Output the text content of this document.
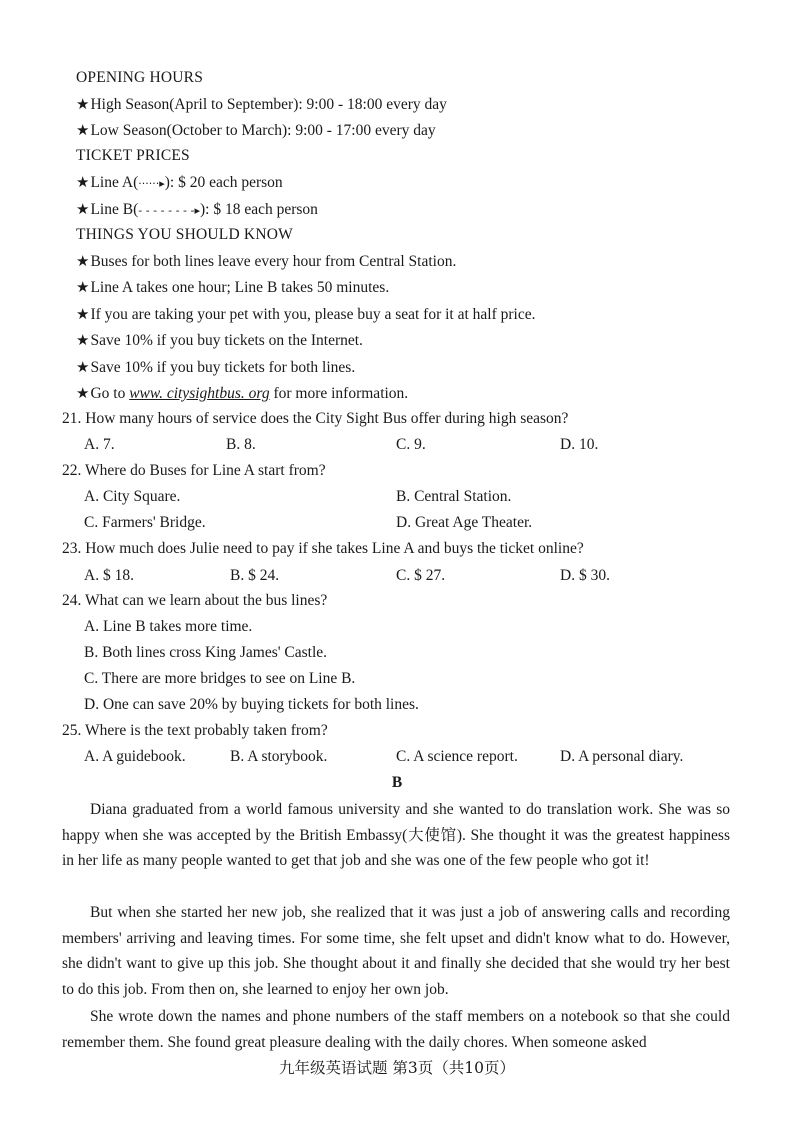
OPENING HOURS
★High Season(April to September): 9:00 - 18:00 every day
★Low Season(October to March): 9:00 - 17:00 every day
TICKET PRICES
★Line A(······▸): $ 20 each person
★Line B(- - - - - - - -▸): $ 18 each person
THINGS YOU SHOULD KNOW
★Buses for both lines leave every hour from Central Station.
★Line A takes one hour; Line B takes 50 minutes.
★If you are taking your pet with you, please buy a seat for it at half price.
★Save 10% if you buy tickets on the Internet.
★Save 10% if you buy tickets for both lines.
★Go to www. citysightbus. org for more information.
21. How many hours of service does the City Sight Bus offer during high season?
A. 7.	B. 8.	C. 9.	D. 10.
22. Where do Buses for Line A start from?
A. City Square.	B. Central Station.
C. Farmers' Bridge.	D. Great Age Theater.
23. How much does Julie need to pay if she takes Line A and buys the ticket online?
A. $ 18.	B. $ 24.	C. $ 27.	D. $ 30.
24. What can we learn about the bus lines?
A. Line B takes more time.
B. Both lines cross King James' Castle.
C. There are more bridges to see on Line B.
D. One can save 20% by buying tickets for both lines.
25. Where is the text probably taken from?
A. A guidebook.	B. A storybook.	C. A science report.	D. A personal diary.
B
Diana graduated from a world famous university and she wanted to do translation work. She was so happy when she was accepted by the British Embassy(大使馆). She thought it was the greatest happiness in her life as many people wanted to get that job and she was one of the few people who got it!
But when she started her new job, she realized that it was just a job of answering calls and recording members' arriving and leaving times. For some time, she felt upset and didn't know what to do. However, she didn't want to give up this job. She thought about it and finally she decided that she would try her best to do this job. From then on, she learned to enjoy her own job.
She wrote down the names and phone numbers of the staff members on a notebook so that she could remember them. She found great pleasure dealing with the daily chores. When someone asked
九年级英语试题 第3页（共10页）
